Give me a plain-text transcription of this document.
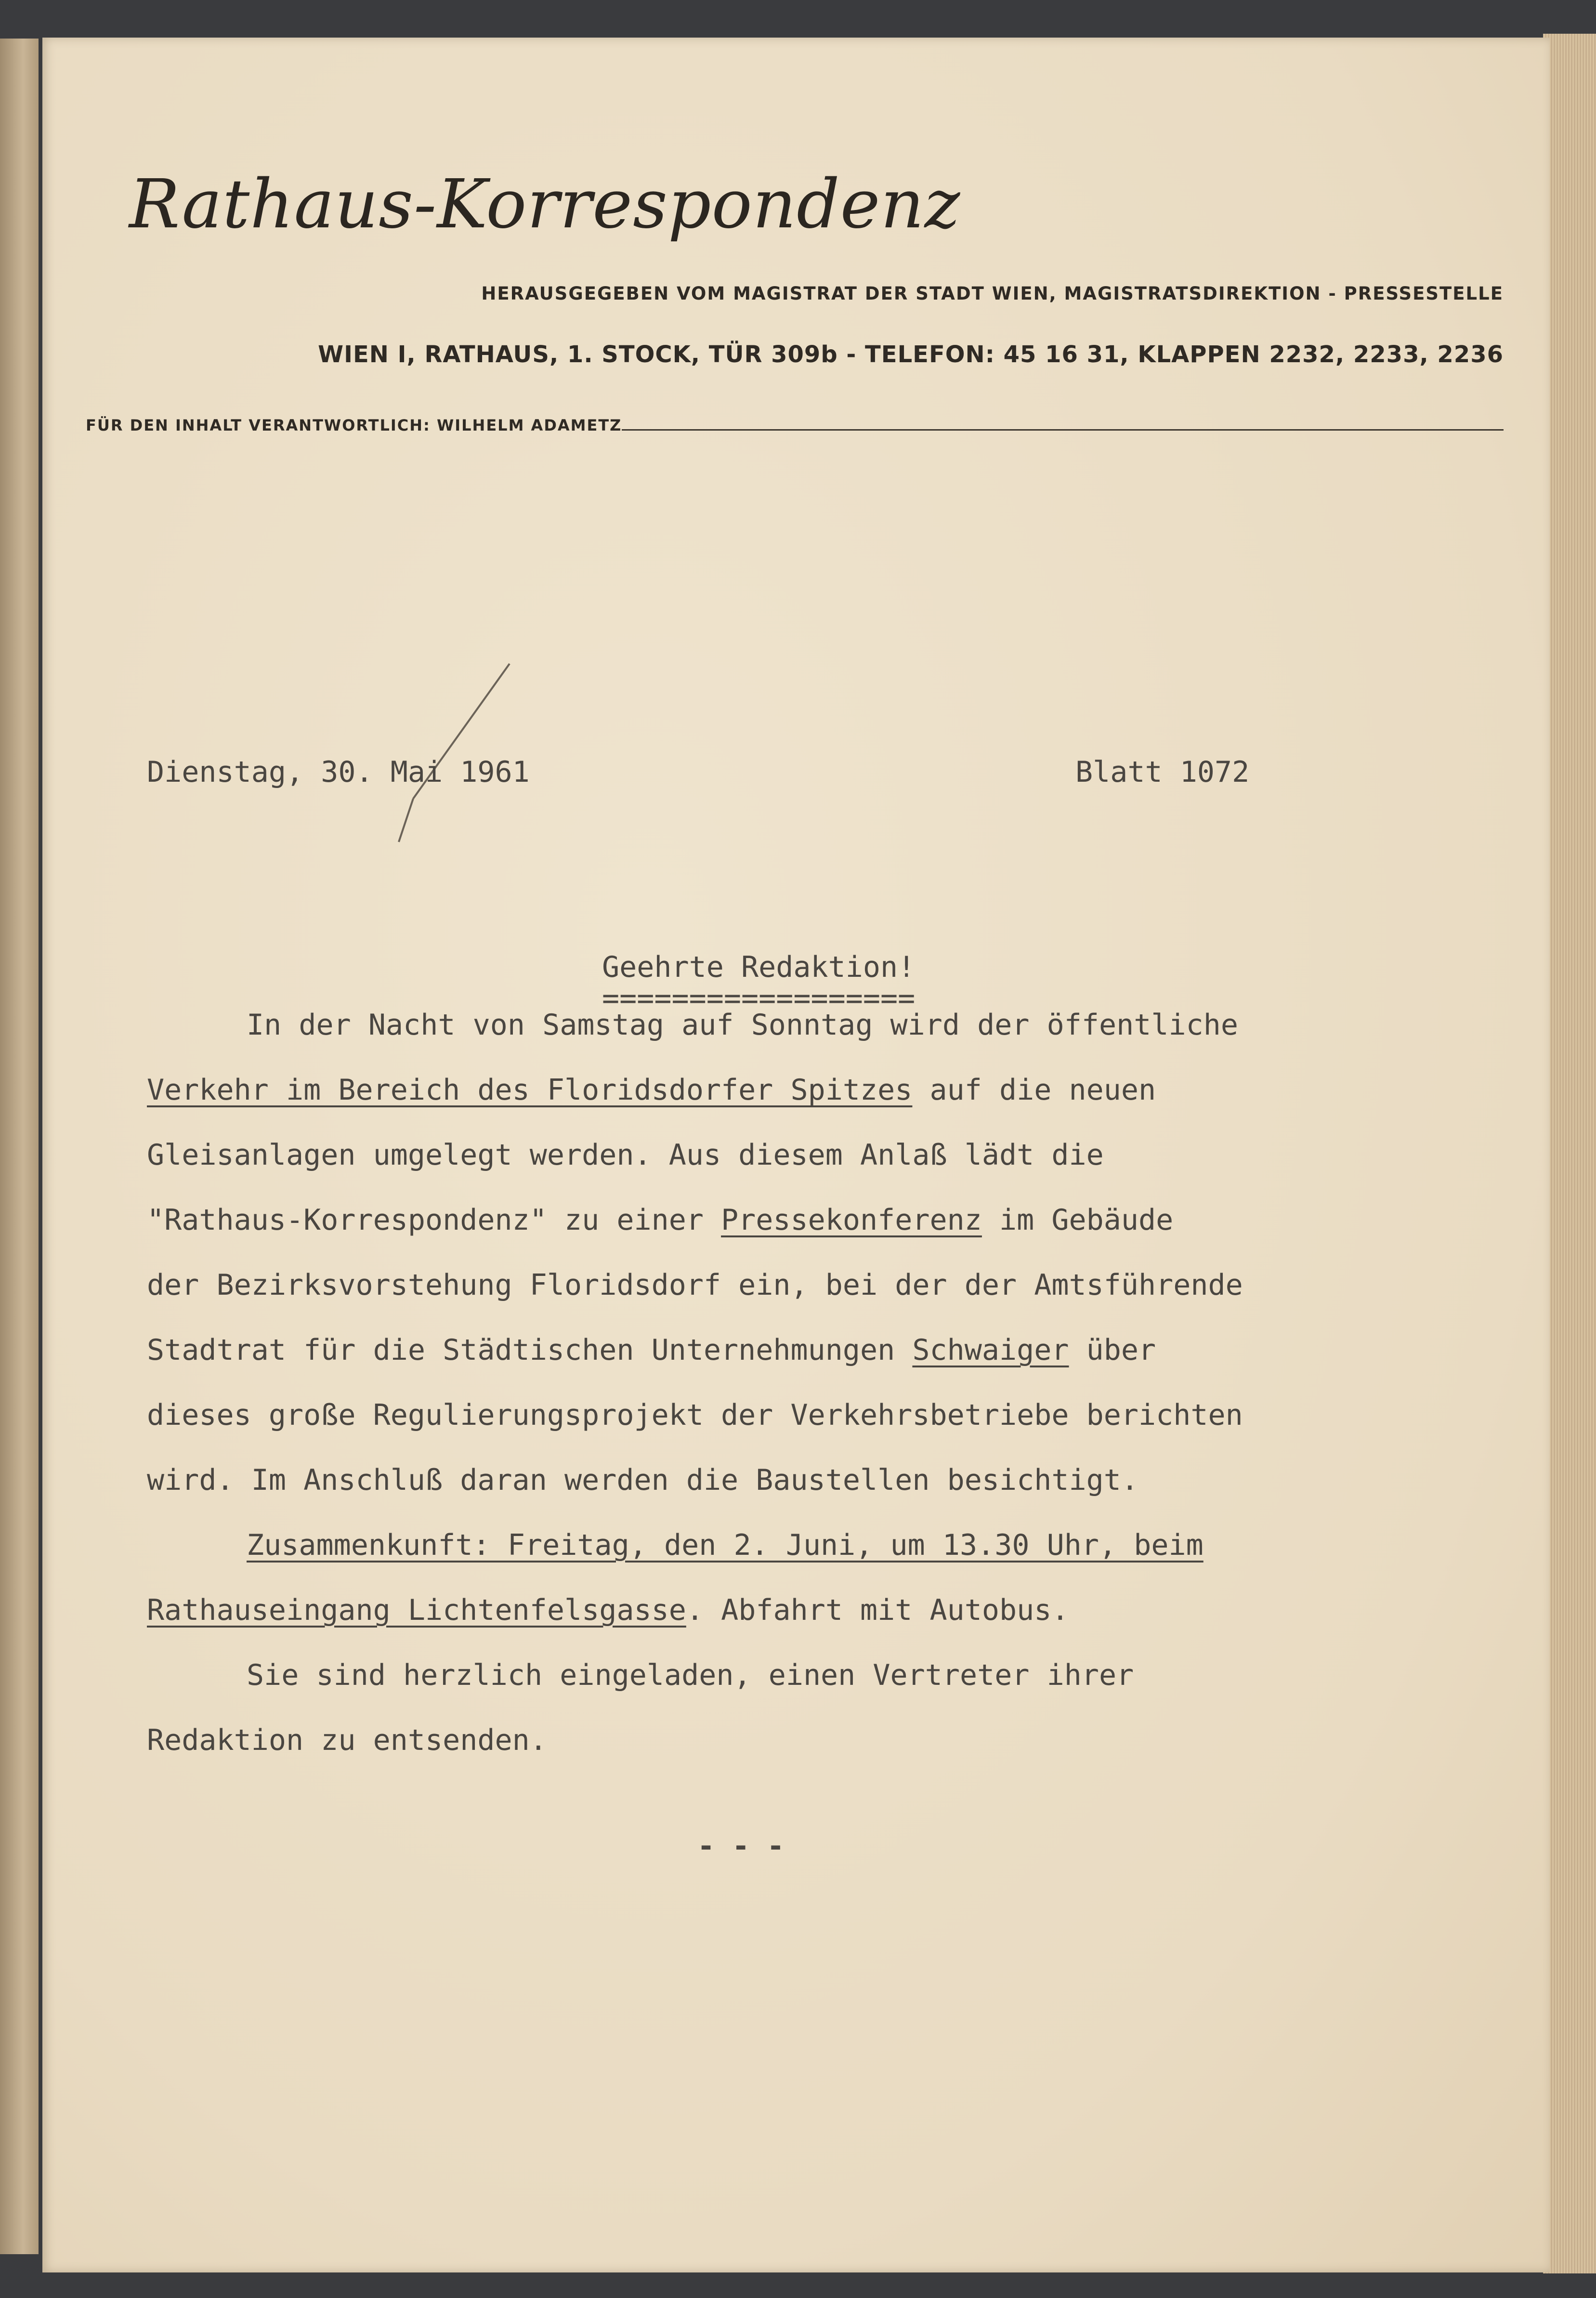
Rathaus-Korrespondenz
HERAUSGEGEBEN VOM MAGISTRAT DER STADT WIEN, MAGISTRATSDIREKTION - PRESSESTELLE
WIEN I, RATHAUS, 1. STOCK, TÜR 309b - TELEFON: 45 16 31, KLAPPEN 2232, 2233, 2236
FÜR DEN INHALT VERANTWORTLICH: WILHELM ADAMETZ
Dienstag, 30. Mai 1961	Blatt 1072
Geehrte Redaktion!
==================
In der Nacht von Samstag auf Sonntag wird der öffentliche
Verkehr im Bereich des Floridsdorfer Spitzes auf die neuen
Gleisanlagen umgelegt werden. Aus diesem Anlaß lädt die
"Rathaus-Korrespondenz" zu einer Pressekonferenz im Gebäude
der Bezirksvorstehung Floridsdorf ein, bei der der Amtsführende
Stadtrat für die Städtischen Unternehmungen Schwaiger über
dieses große Regulierungsprojekt der Verkehrsbetriebe berichten
wird. Im Anschluß daran werden die Baustellen besichtigt.
Zusammenkunft: Freitag, den 2. Juni, um 13.30 Uhr, beim
Rathauseingang Lichtenfelsgasse. Abfahrt mit Autobus.
Sie sind herzlich eingeladen, einen Vertreter ihrer
Redaktion zu entsenden.
- - -
